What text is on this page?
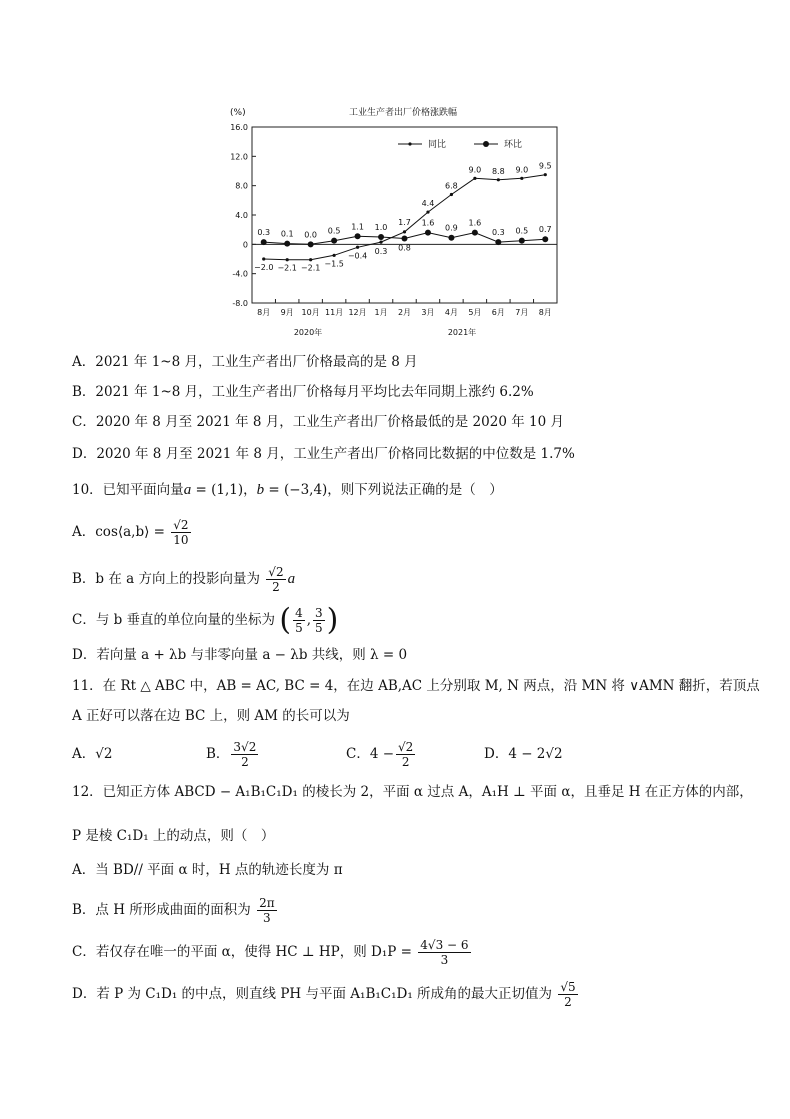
工业生产者出厂价格涨跌幅
(%)
同比	环比
2020年	2021年
16.0
12.0
8.0
4.0
0
-4.0
-8.0
8月 9月 10月 11月 12月 1月 2月 3月 4月 5月 6月 7月 8月
−2.0 −2.1 −2.1 −1.5
−0.4 0.3
1.7
4.4
6.8
9.0 8.8 9.0 9.5
0.3 0.1 0.0 0.5 1.1 1.0
0.8
1.6
0.9
1.6
0.3 0.5 0.7
A．2021 年 1~8 月，工业生产者出厂价格最高的是 8 月
B．2021 年 1~8 月，工业生产者出厂价格每月平均比去年同期上涨约 6.2%
C．2020 年 8 月至 2021 年 8 月，工业生产者出厂价格最低的是 2020 年 10 月
D．2020 年 8 月至 2021 年 8 月，工业生产者出厂价格同比数据的中位数是 1.7%
10．已知平面向量a = (1,1)，b = (−3,4)，则下列说法正确的是（　）
A．cos⟨a,b⟩ = $\frac{√2}{10}$
B．b 在 a 方向上的投影向量为 $\frac{√2}{2}$ a
C．与 b 垂直的单位向量的坐标为 ( $\frac{4}{5}$ , $\frac{3}{5}$ )
D．若向量 a + λb 与非零向量 a − λb 共线，则 λ = 0
11．在 Rt △ ABC 中，AB = AC, BC = 4，在边 AB,AC 上分别取 M, N 两点，沿 MN 将 ∨AMN 翻折，若顶点
A 正好可以落在边 BC 上，则 AM 的长可以为
A．√2	B． $\frac{3√2}{2}$	C．$4 - \frac{√2}{2}$	D．4 − 2√2
12．已知正方体 ABCD − A₁B₁C₁D₁ 的棱长为 2，平面 α 过点 A，A₁H ⊥ 平面 α，且垂足 H 在正方体的内部，
P 是棱 C₁D₁ 上的动点，则（　）
A．当 BD// 平面 α 时，H 点的轨迹长度为 π
B．点 H 所形成曲面的面积为 $\frac{2\pi}{3}$
C．若仅存在唯一的平面 α，使得 HC ⊥ HP，则 $D_1P = \frac{4√3 - 6}{3}$
D．若 P 为 C₁D₁ 的中点，则直线 PH 与平面 A₁B₁C₁D₁ 所成角的最大正切值为 $\frac{√5}{2}$
